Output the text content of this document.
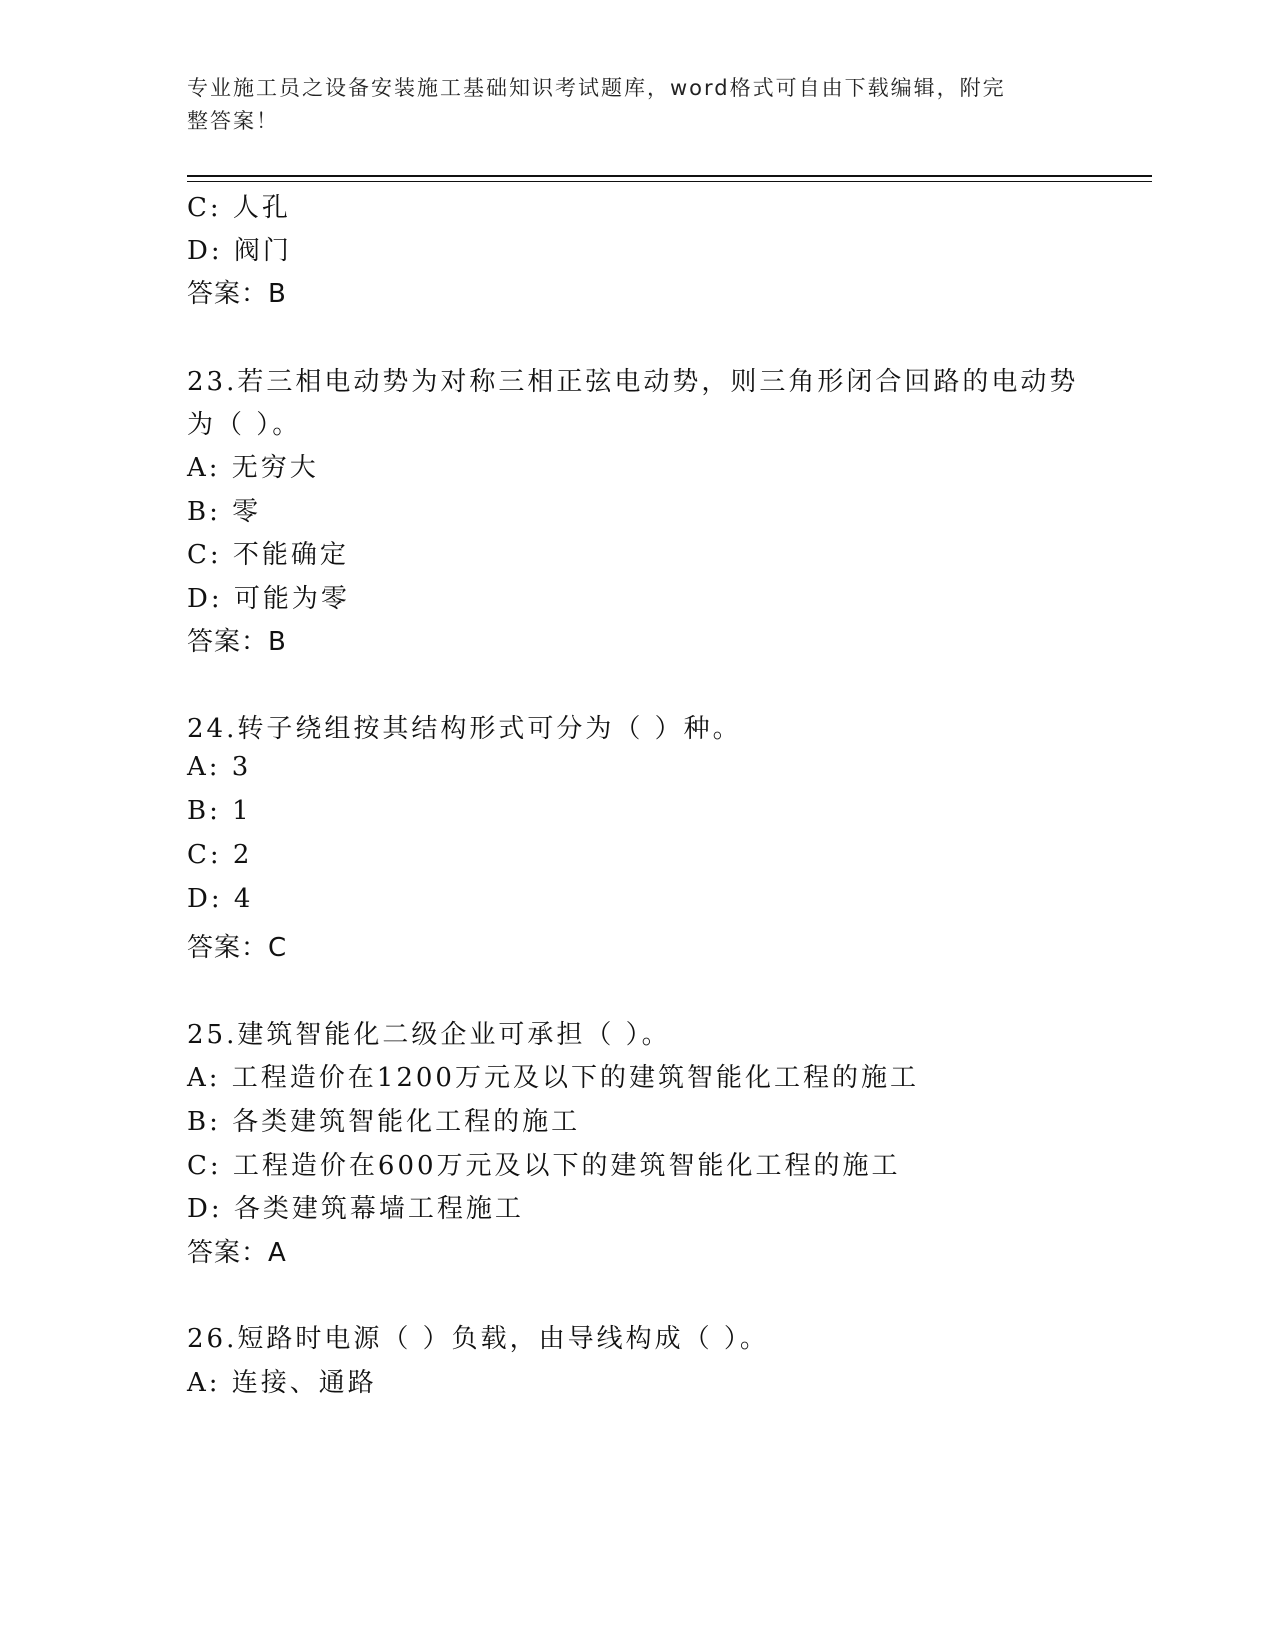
专业施工员之设备安装施工基础知识考试题库，word格式可自由下载编辑，附完
整答案！
C: 人孔
D: 阀门
答案：B
23.若三相电动势为对称三相正弦电动势，则三角形闭合回路的电动势
为（ ）。
A: 无穷大
B: 零
C: 不能确定
D: 可能为零
答案：B
24.转子绕组按其结构形式可分为（ ）种。
A: 3
B: 1
C: 2
D: 4
答案：C
25.建筑智能化二级企业可承担（ ）。
A: 工程造价在1200万元及以下的建筑智能化工程的施工
B: 各类建筑智能化工程的施工
C: 工程造价在600万元及以下的建筑智能化工程的施工
D: 各类建筑幕墙工程施工
答案：A
26.短路时电源（ ）负载，由导线构成（ ）。
A: 连接、通路
